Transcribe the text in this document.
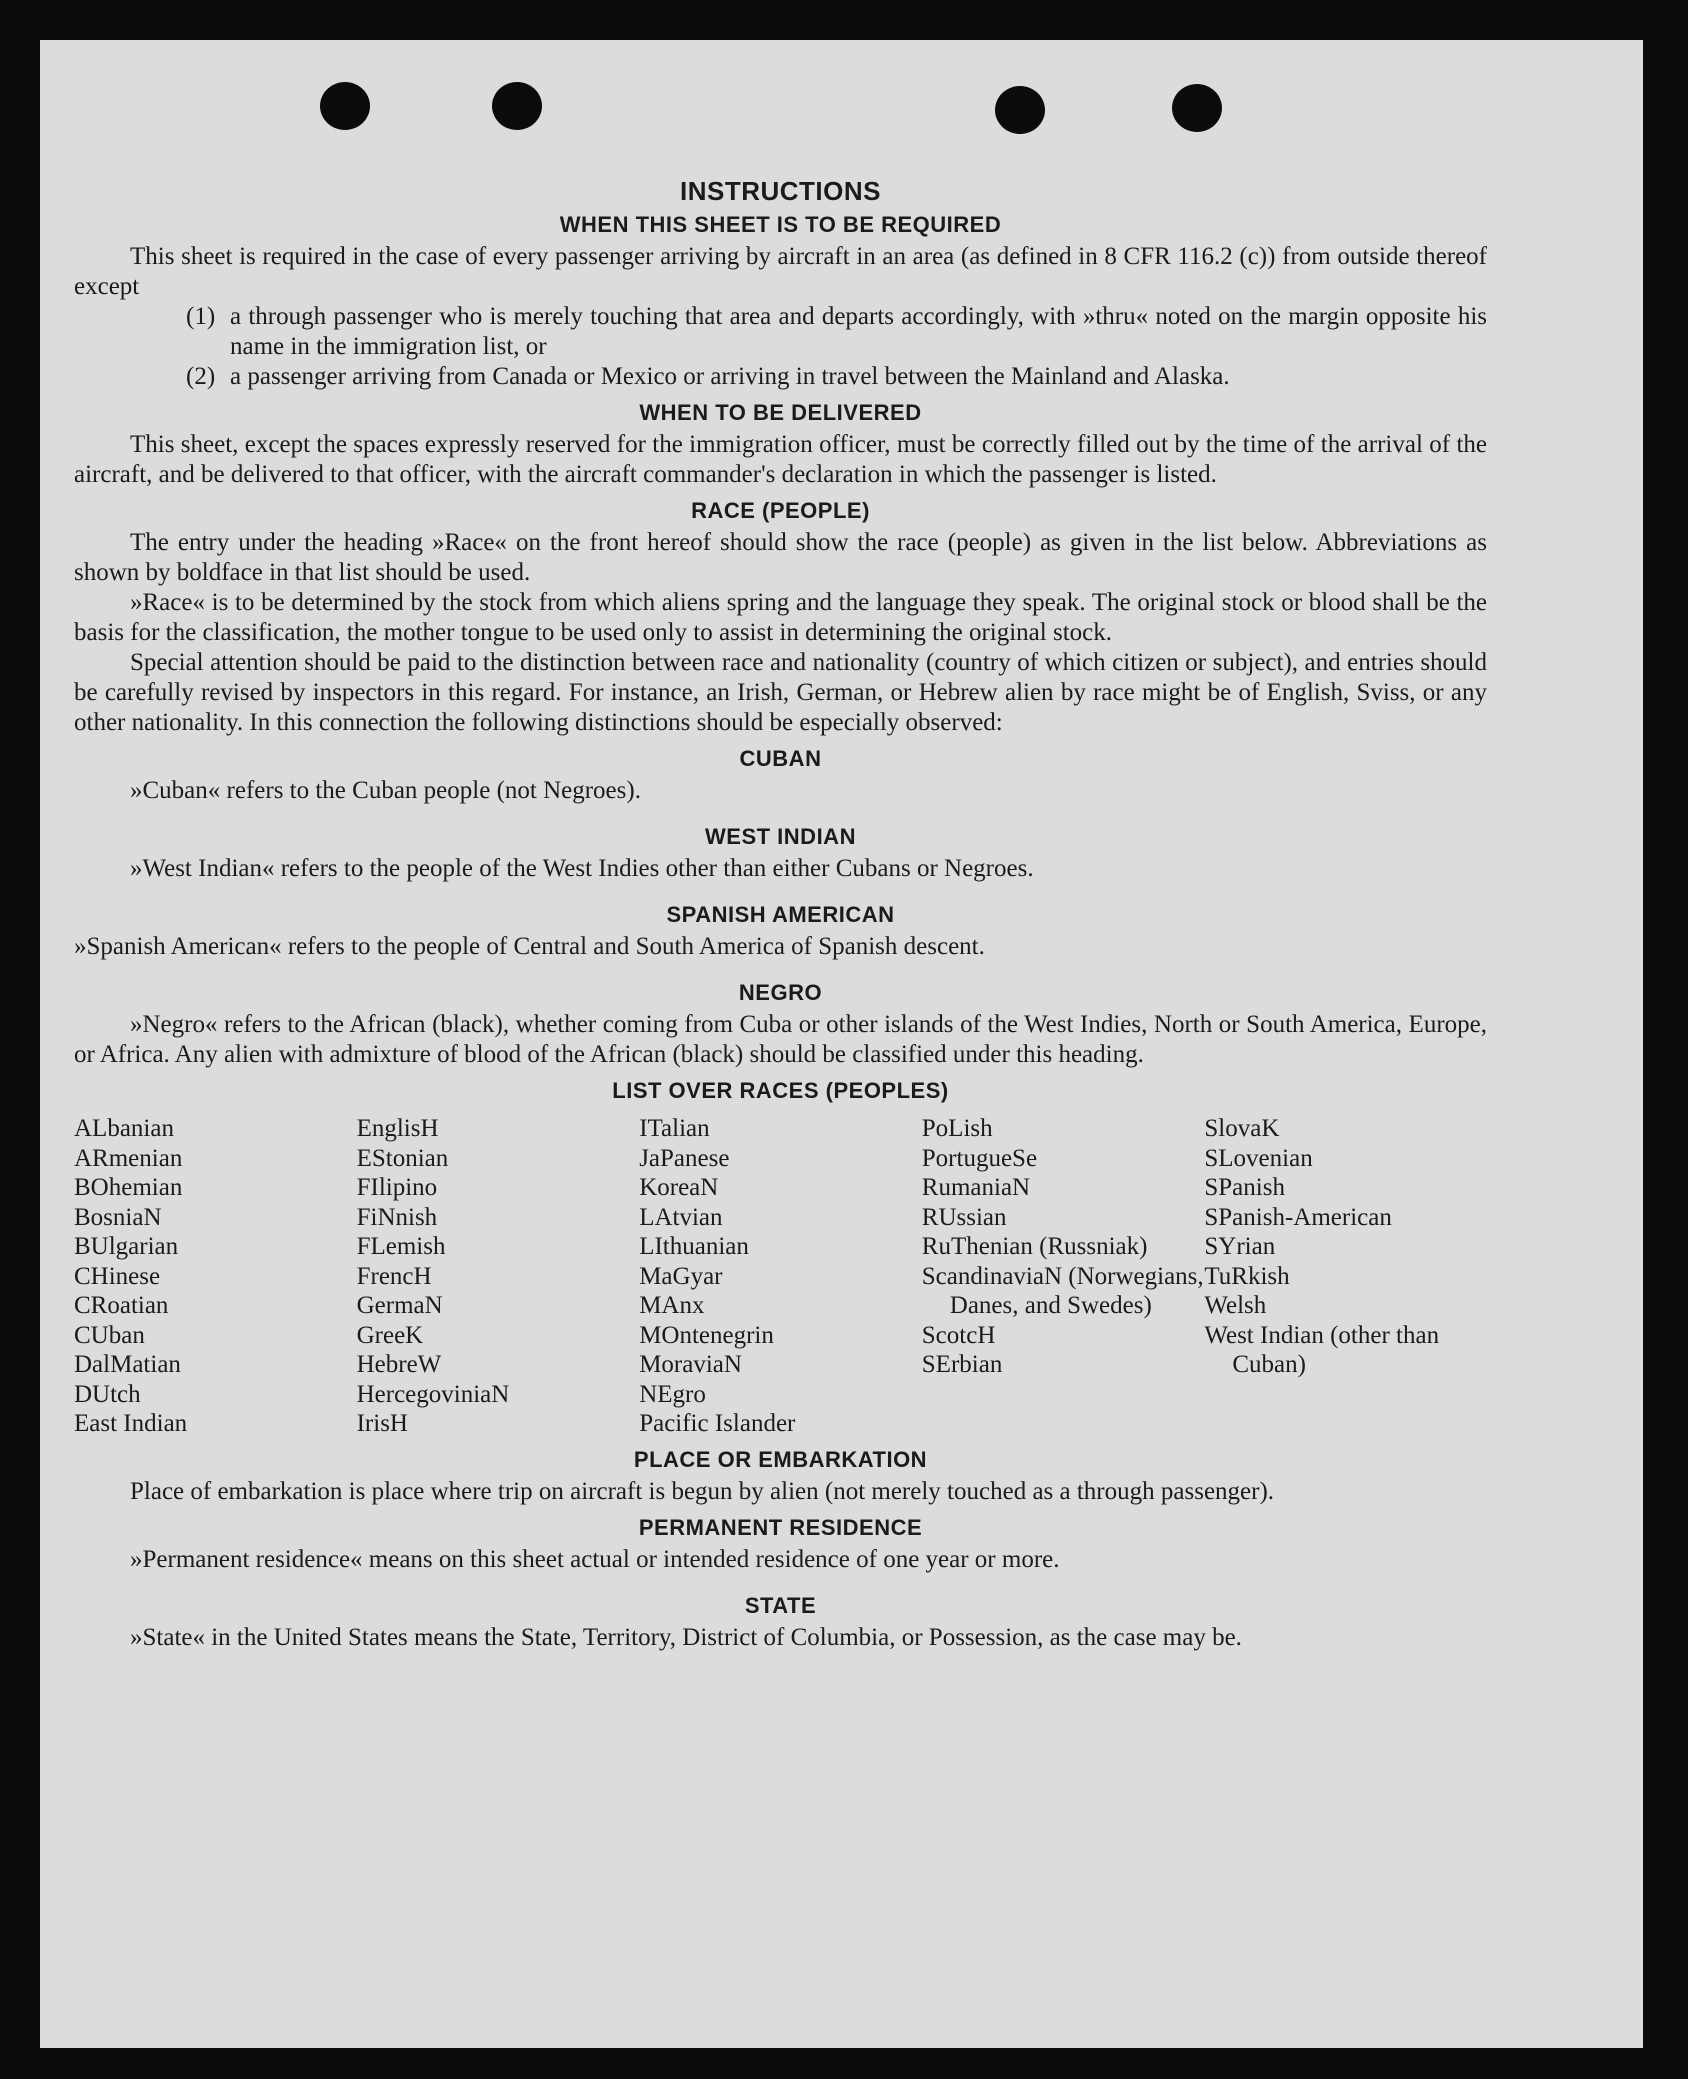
INSTRUCTIONS
WHEN THIS SHEET IS TO BE REQUIRED

This sheet is required in the case of every passenger arriving by aircraft in an area (as defined in 8 CFR 116.2 (c)) from outside thereof except

(1) a through passenger who is merely touching that area and departs accordingly, with »thru« noted on the margin opposite his name in the immigration list, or
(2) a passenger arriving from Canada or Mexico or arriving in travel between the Mainland and Alaska.
WHEN TO BE DELIVERED

This sheet, except the spaces expressly reserved for the immigration officer, must be correctly filled out by the time of the arrival of the aircraft, and be delivered to that officer, with the aircraft commander's declaration in which the passenger is listed.

RACE (PEOPLE)

The entry under the heading »Race« on the front hereof should show the race (people) as given in the list below. Abbreviations as shown by boldface in that list should be used.

»Race« is to be determined by the stock from which aliens spring and the language they speak. The original stock or blood shall be the basis for the classification, the mother tongue to be used only to assist in determining the original stock.

Special attention should be paid to the distinction between race and nationality (country of which citizen or subject), and entries should be carefully revised by inspectors in this regard. For instance, an Irish, German, or Hebrew alien by race might be of English, Sviss, or any other nationality. In this connection the following distinctions should be especially observed:

CUBAN

»Cuban« refers to the Cuban people (not Negroes).

WEST INDIAN

»West Indian« refers to the people of the West Indies other than either Cubans or Negroes.

SPANISH AMERICAN

»Spanish American« refers to the people of Central and South America of Spanish descent.

NEGRO

»Negro« refers to the African (black), whether coming from Cuba or other islands of the West Indies, North or South America, Europe, or Africa. Any alien with admixture of blood of the African (black) should be classified under this heading.

LIST OVER RACES (PEOPLES)
ALbanian
ARmenian
BOhemian
BosniaN
BUlgarian
CHinese
CRoatian
CUban
DalMatian
DUtch
East Indian
EnglisH
EStonian
FIlipino
FiNnish
FLemish
FrencH
GermaN
GreeK
HebreW
HercegoviniaN
IrisH
ITalian
JaPanese
KoreaN
LAtvian
LIthuanian
MaGyar
MAnx
MOntenegrin
MoraviaN
NEgro
Pacific Islander
PoLish
PortugueSe
RumaniaN
RUssian
RuThenian (Russniak)
ScandinaviaN (Norwegians, Danes, and Swedes)
ScotcH
SErbian
SlovaK
SLovenian
SPanish
SPanish-American
SYrian
TuRkish
Welsh
West Indian (other than Cuban)
PLACE OR EMBARKATION

Place of embarkation is place where trip on aircraft is begun by alien (not merely touched as a through passenger).

PERMANENT RESIDENCE

»Permanent residence« means on this sheet actual or intended residence of one year or more.

STATE

»State« in the United States means the State, Territory, District of Columbia, or Possession, as the case may be.
